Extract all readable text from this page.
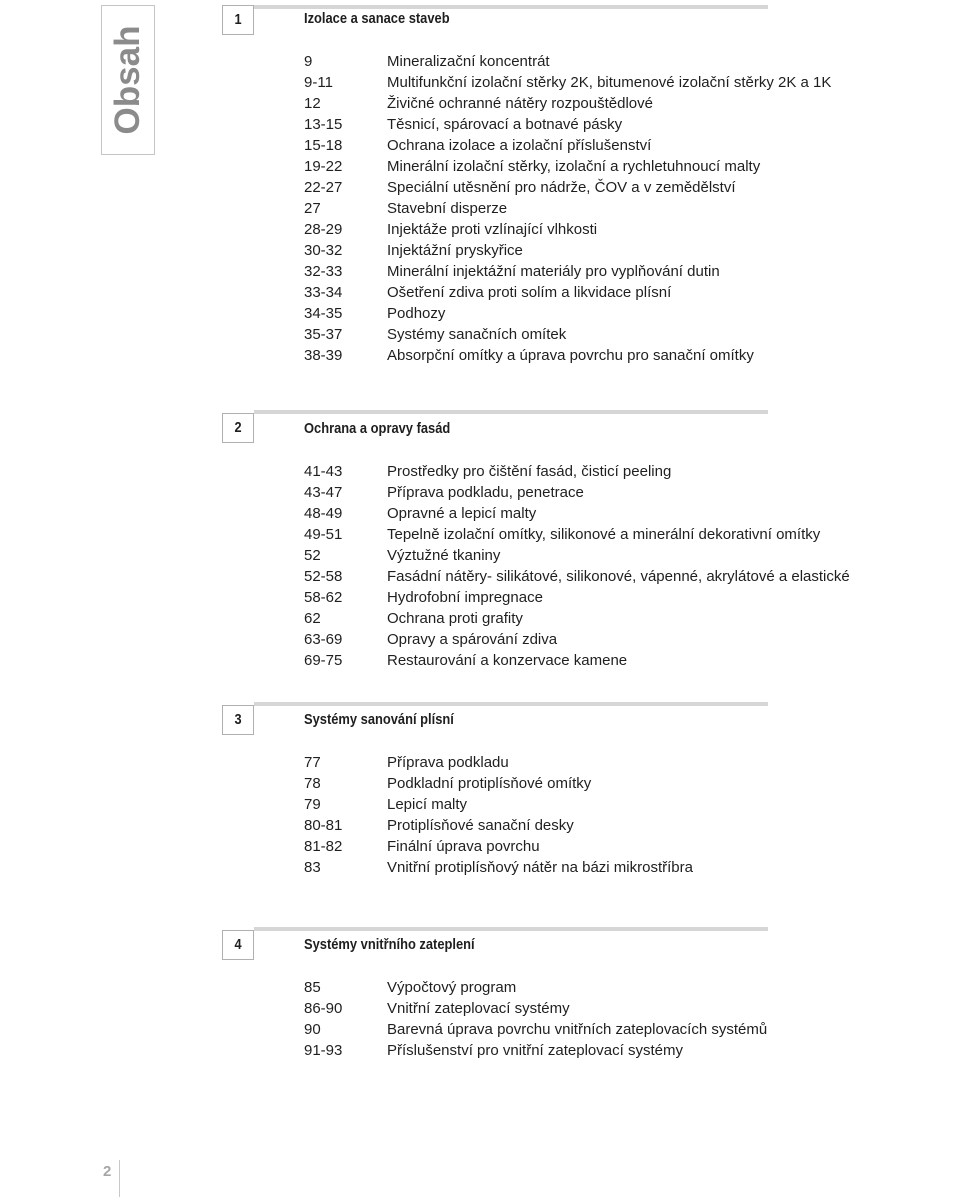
Obsah
1	Izolace a sanace staveb
9	Mineralizační koncentrát
9-11	Multifunkční izolační stěrky 2K, bitumenové izolační stěrky 2K a 1K
12	Živičné ochranné nátěry rozpouštědlové
13-15	Těsnicí, spárovací a botnavé pásky
15-18	Ochrana izolace a izolační příslušenství
19-22	Minerální izolační stěrky, izolační a rychletuhnoucí malty
22-27	Speciální utěsnění pro nádrže, ČOV a v zemědělství
27	Stavební disperze
28-29	Injektáže proti vzlínající vlhkosti
30-32	Injektážní pryskyřice
32-33	Minerální injektážní materiály pro vyplňování dutin
33-34	Ošetření zdiva proti solím a likvidace plísní
34-35	Podhozy
35-37	Systémy sanačních omítek
38-39	Absorpční omítky a úprava povrchu pro sanační omítky
2	Ochrana a opravy fasád
41-43	Prostředky pro čištění fasád, čisticí peeling
43-47	Příprava podkladu, penetrace
48-49	Opravné a lepicí malty
49-51	Tepelně izolační omítky, silikonové a minerální dekorativní omítky
52	Výztužné tkaniny
52-58	Fasádní nátěry- silikátové, silikonové, vápenné, akrylátové a elastické
58-62	Hydrofobní impregnace
62	Ochrana proti grafity
63-69	Opravy a spárování zdiva
69-75	Restaurování a konzervace kamene
3	Systémy sanování plísní
77	Příprava podkladu
78	Podkladní protiplísňové omítky
79	Lepicí malty
80-81	Protiplísňové sanační desky
81-82	Finální úprava povrchu
83	Vnitřní protiplísňový nátěr na bázi mikrostříbra
4	Systémy vnitřního zateplení
85	Výpočtový program
86-90	Vnitřní zateplovací systémy
90	Barevná úprava povrchu vnitřních zateplovacích systémů
91-93	Příslušenství pro vnitřní zateplovací systémy
2
